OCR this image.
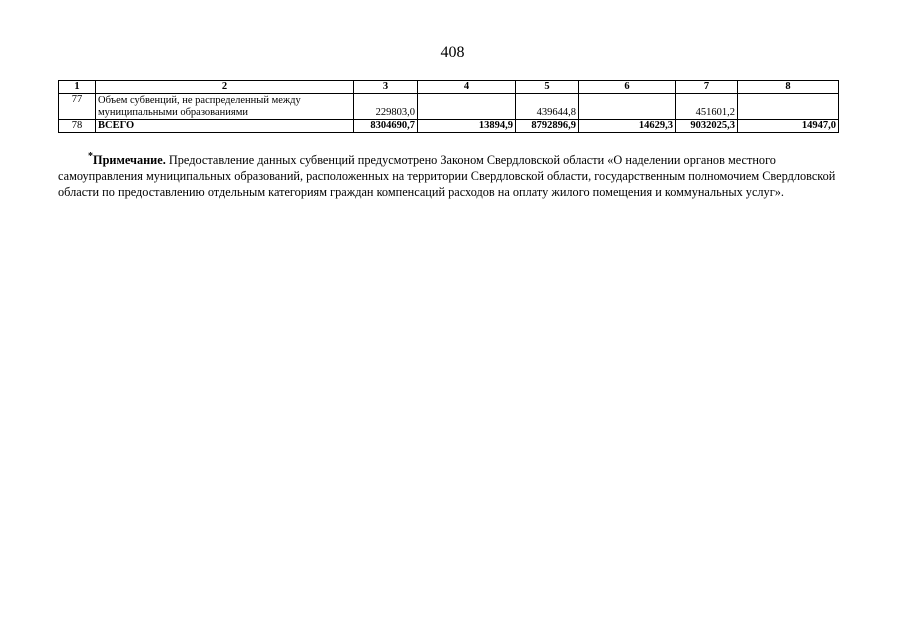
408
1	2	3	4	5	6	7	8
77	Объем субвенций, не распределенный между муниципальными образованиями	229803,0		439644,8		451601,2	
78	ВСЕГО	8304690,7	13894,9	8792896,9	14629,3	9032025,3	14947,0

*Примечание. Предоставление данных субвенций предусмотрено Законом Свердловской области «О наделении органов местного самоуправления муниципальных образований, расположенных на территории Свердловской области, государственным полномочием Свердловской области по предоставлению отдельным категориям граждан компенсаций расходов на оплату жилого помещения и коммунальных услуг».
